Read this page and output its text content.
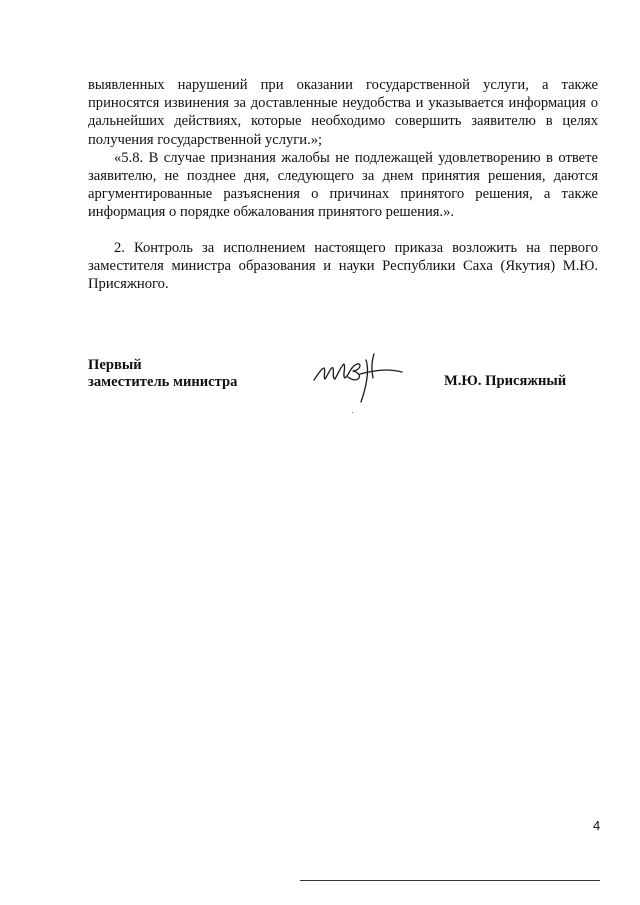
выявленных нарушений при оказании государственной услуги, а также приносятся извинения за доставленные неудобства и указывается информация о дальнейших действиях, которые необходимо совершить заявителю в целях получения государственной услуги.»;

«5.8. В случае признания жалобы не подлежащей удовлетворению в ответе заявителю, не позднее дня, следующего за днем принятия решения, даются аргументированные разъяснения о причинах принятого решения, а также информация о порядке обжалования принятого решения.».

2. Контроль за исполнением настоящего приказа возложить на первого заместителя министра образования и науки Республики Саха (Якутия) М.Ю. Присяжного.

Первый
заместитель министра	М.Ю. Присяжный
4
